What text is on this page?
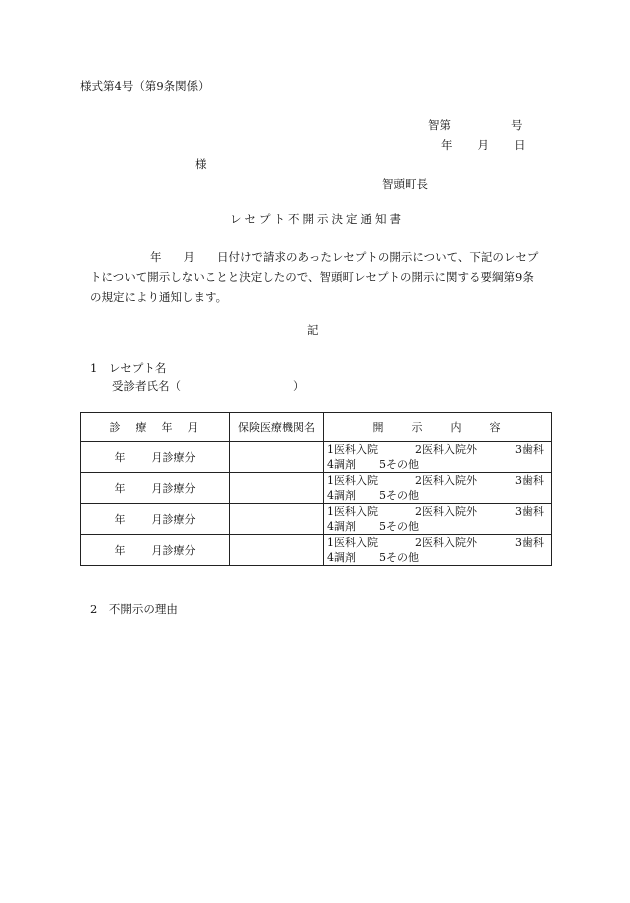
様式第4号（第9条関係）
智第	号
年 月 日
様
智頭町長
レセプト不開示決定通知書
年 月 日付けで請求のあったレセプトの開示について、下記のレセプ
トについて開示しないことと決定したので、智頭町レセプトの開示に関する要綱第9条
の規定により通知します。
記
1　レセプト名
受診者氏名（	）
診　療　年　月	保険医療機関名	開　　示　　内　　容
年 月診療分		1医科入院 2医科入院外 3歯科
4調剤 5その他

年 月診療分		1医科入院 2医科入院外 3歯科
4調剤 5その他

年 月診療分		1医科入院 2医科入院外 3歯科
4調剤 5その他

年 月診療分		1医科入院 2医科入院外 3歯科
4調剤 5その他
2　不開示の理由
